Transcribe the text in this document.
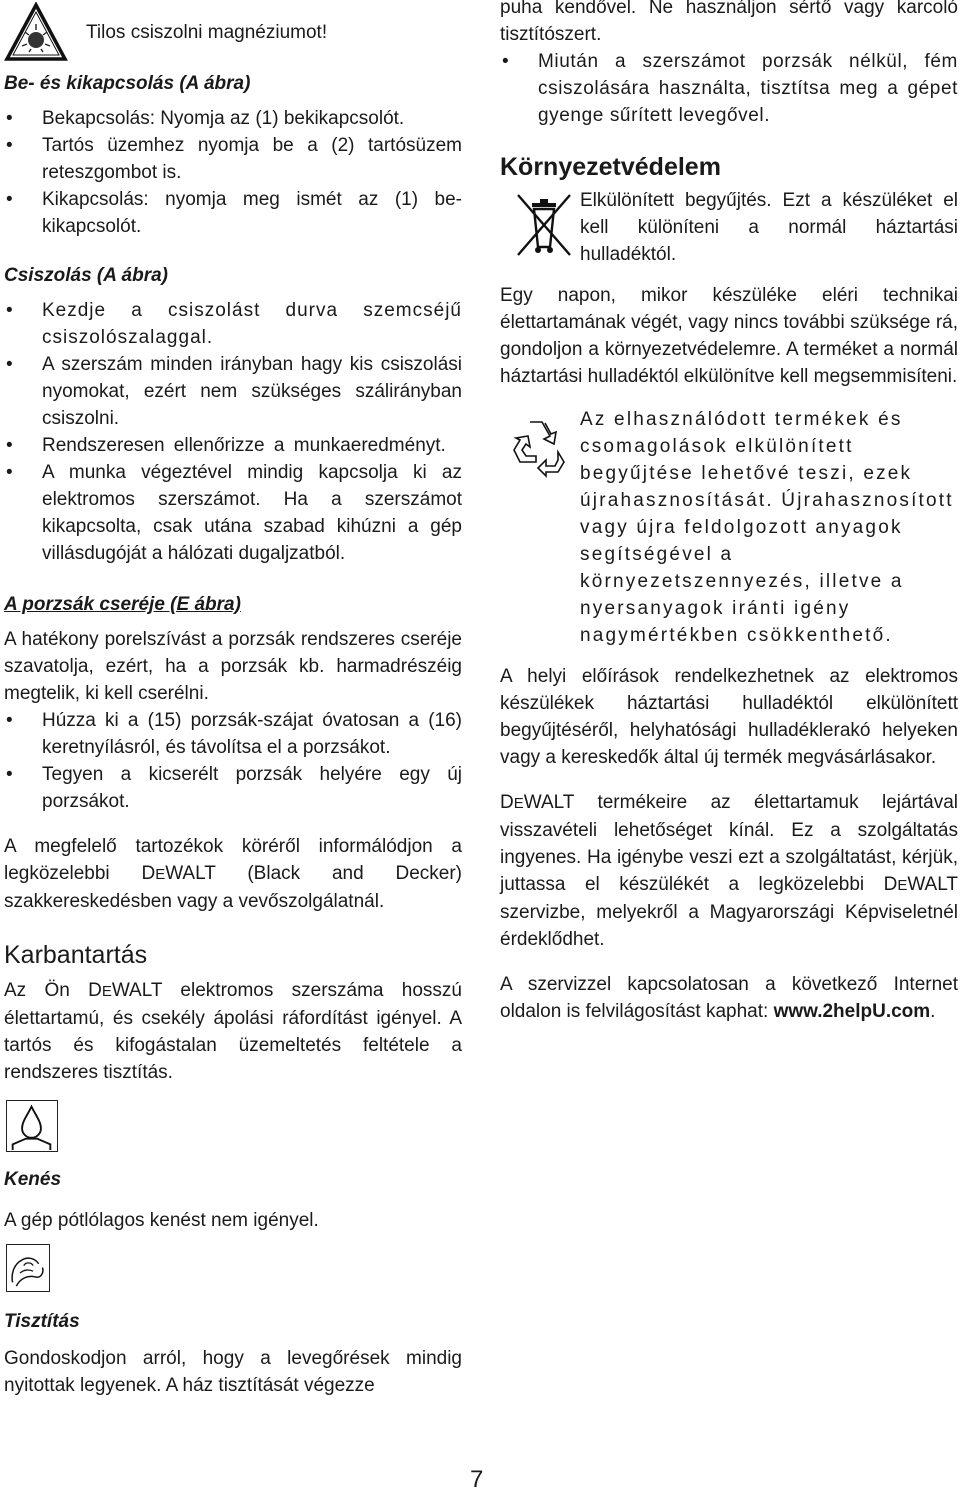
Tilos csiszolni magnéziumot!
Be- és kikapcsolás (A ábra)
• Bekapcsolás: Nyomja az (1) bekikapcsolót.
• Tartós üzemhez nyomja be a (2) tartósüzem reteszgombot is.
• Kikapcsolás: nyomja meg ismét az (1) be-kikapcsolót.
Csiszolás (A ábra)
• Kezdje a csiszolást durva szemcséjű csiszolószalaggal.
• A szerszám minden irányban hagy kis csiszolási nyomokat, ezért nem szükséges szálirányban csiszolni.
• Rendszeresen ellenőrizze a munkaeredményt.
• A munka végeztével mindig kapcsolja ki az elektromos szerszámot. Ha a szerszámot kikapcsolta, csak utána szabad kihúzni a gép villásdugóját a hálózati dugaljzatból.
A porzsák cseréje (E ábra)

A hatékony porelszívást a porzsák rendszeres cseréje szavatolja, ezért, ha a porzsák kb. harmadrészéig megtelik, ki kell cserélni.

• Húzza ki a (15) porzsák-szájat óvatosan a (16) keretnyílásról, és távolítsa el a porzsákot.
• Tegyen a kicserélt porzsák helyére egy új porzsákot.

A megfelelő tartozékok köréről informálódjon a legközelebbi DEWALT (Black and Decker) szakkereskedésben vagy a vevőszolgálatnál.

Karbantartás

Az Ön DEWALT elektromos szerszáma hosszú élettartamú, és csekély ápolási ráfordítást igényel. A tartós és kifogástalan üzemeltetés feltétele a rendszeres tisztítás.

Kenés

A gép pótlólagos kenést nem igényel.

Tisztítás

Gondoskodjon arról, hogy a levegőrések mindig nyitottak legyenek. A ház tisztítását végezze

puha kendővel. Ne használjon sértő vagy karcoló tisztítószert.

• Miután a szerszámot porzsák nélkül, fém csiszolására használta, tisztítsa meg a gépet gyenge sűrített levegővel.
Környezetvédelem

Elkülönített begyűjtés. Ezt a készüléket el kell különíteni a normál háztartási hulladéktól.

Egy napon, mikor készüléke eléri technikai élettartamának végét, vagy nincs további szüksége rá, gondoljon a környezetvédelemre. A terméket a normál háztartási hulladéktól elkülönítve kell megsemmisíteni.

Az elhasználódott termékek és csomagolások elkülönített begyűjtése lehetővé teszi, ezek újrahasznosítását. Újrahasznosított vagy újra feldolgozott anyagok segítségével a környezetszennyezés, illetve a nyersanyagok iránti igény nagymértékben csökkenthető.

A helyi előírások rendelkezhetnek az elektromos készülékek háztartási hulladéktól elkülönített begyűjtéséről, helyhatósági hulladéklerakó helyeken vagy a kereskedők által új termék megvásárlásakor.

DEWALT termékeire az élettartamuk lejártával visszavételi lehetőséget kínál. Ez a szolgáltatás ingyenes. Ha igénybe veszi ezt a szolgáltatást, kérjük, juttassa el készülékét a legközelebbi DEWALT szervizbe, melyekről a Magyarországi Képviseletnél érdeklődhet.

A szervizzel kapcsolatosan a következő Internet oldalon is felvilágosítást kaphat: www.2helpU.com.

7
